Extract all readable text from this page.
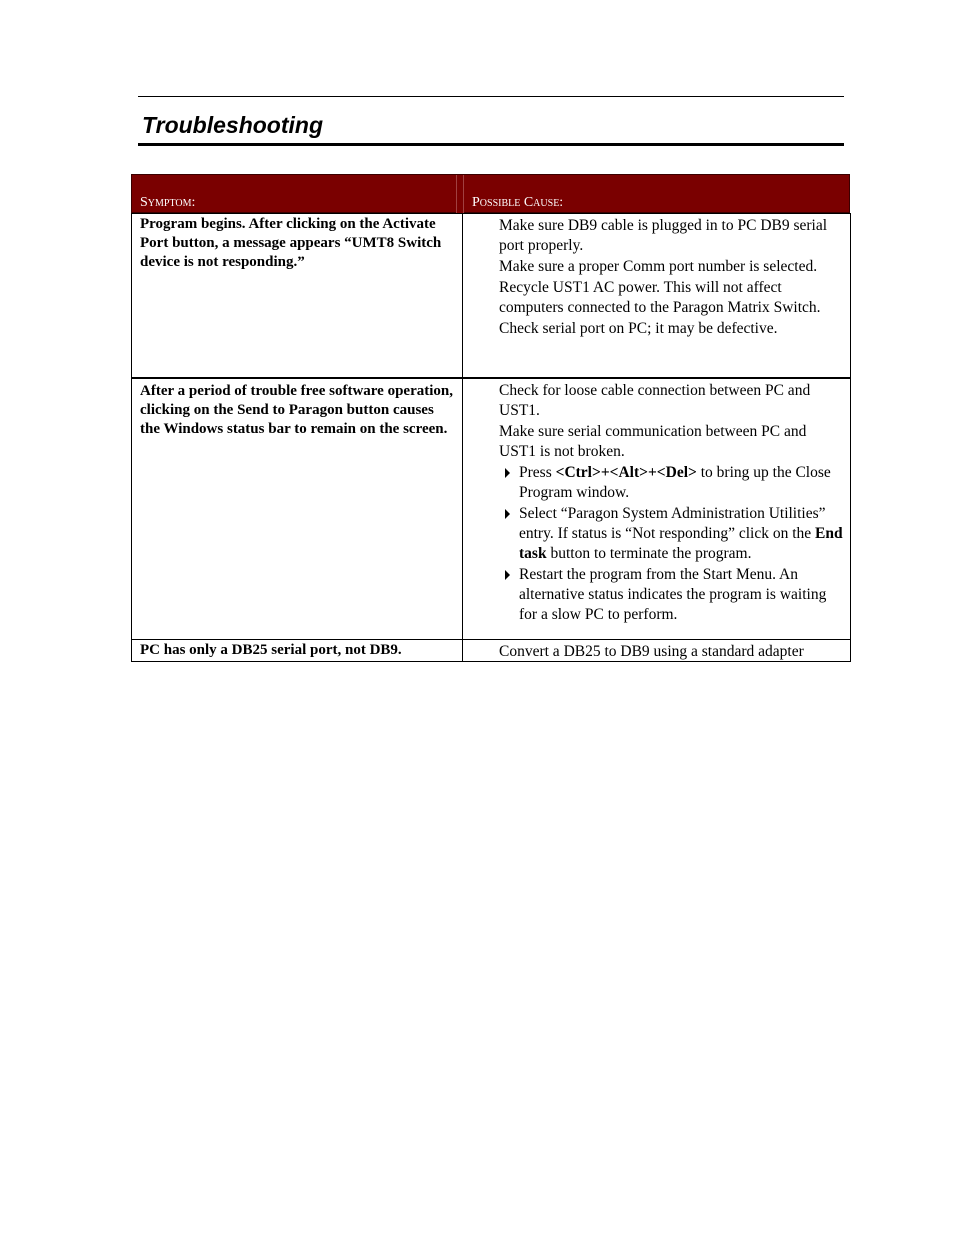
Troubleshooting
Symptom:	Possible Cause:
Program begins. After clicking on the Activate Port button, a message appears “UMT8 Switch device is not responding.”

Make sure DB9 cable is plugged in to PC DB9 serial port properly.

Make sure a proper Comm port number is selected.

Recycle UST1 AC power. This will not affect computers connected to the Paragon Matrix Switch.

Check serial port on PC; it may be defective.

After a period of trouble free software operation, clicking on the Send to Paragon button causes the Windows status bar to remain on the screen.

Check for loose cable connection between PC and UST1.

Make sure serial communication between PC and UST1 is not broken.

Press <Ctrl>+<Alt>+<Del> to bring up the Close Program window.
Select “Paragon System Administration Utilities” entry. If status is “Not responding” click on the End task button to terminate the program.
Restart the program from the Start Menu. An alternative status indicates the program is waiting for a slow PC to perform.
PC has only a DB25 serial port, not DB9.	Convert a DB25 to DB9 using a standard adapter
